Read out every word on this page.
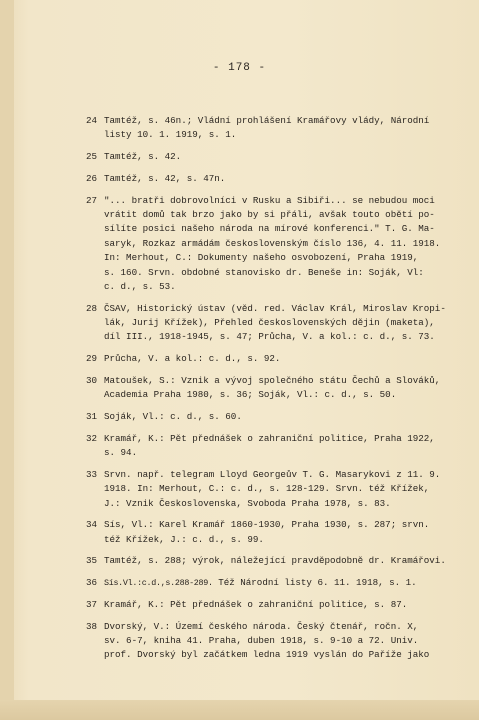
- 178 -
24 Tamtéž, s. 46n.; Vládní prohlášení Kramářovy vlády, Národní
listy 10. 1. 1919, s. 1.
25 Tamtéž, s. 42.
26 Tamtéž, s. 42, s. 47n.
27 "... bratři dobrovolníci v Rusku a Sibiři... se nebudou moci
vrátit domů tak brzo jako by si přáli, avšak touto obětí po-
sílíte posici našeho národa na mírové konferenci." T. G. Ma-
saryk, Rozkaz armádám československým číslo 136, 4. 11. 1918.
In: Merhout, C.: Dokumenty našeho osvobození, Praha 1919,
s. 160. Srvn. obdobné stanovisko dr. Beneše in: Soják, Vl:
c. d., s. 53.
28 ČSAV, Historický ústav (věd. red. Václav Král, Miroslav Kropi-
lák, Jurij Křížek), Přehled československých dějin (maketa),
díl III., 1918-1945, s. 47; Průcha, V. a kol.: c. d., s. 73.
29 Průcha, V. a kol.: c. d., s. 92.
30 Matoušek, S.: Vznik a vývoj společného státu Čechů a Slováků,
Academia Praha 1980, s. 36; Soják, Vl.: c. d., s. 50.
31 Soják, Vl.: c. d., s. 60.
32 Kramář, K.: Pět přednášek o zahraniční politice, Praha 1922,
s. 94.
33 Srvn. např. telegram Lloyd Georgeův T. G. Masarykovi z 11. 9.
1918. In: Merhout, C.: c. d., s. 128-129. Srvn. též Křížek,
J.: Vznik Československa, Svoboda Praha 1978, s. 83.
34 Sís, Vl.: Karel Kramář 1860-1930, Praha 1930, s. 287; srvn.
též Křížek, J.: c. d., s. 99.
35 Tamtéž, s. 288; výrok, náležející pravděpodobně dr. Kramářovi.
36 Sís.Vl.:c.d.,s.288-289. Též Národní listy 6. 11. 1918, s. 1.
37 Kramář, K.: Pět přednášek o zahraniční politice, s. 87.
38 Dvorský, V.: Území českého národa. Český čtenář, ročn. X,
sv. 6-7, kniha 41. Praha, duben 1918, s. 9-10 a 72. Univ.
prof. Dvorský byl začátkem ledna 1919 vyslán do Paříže jako
